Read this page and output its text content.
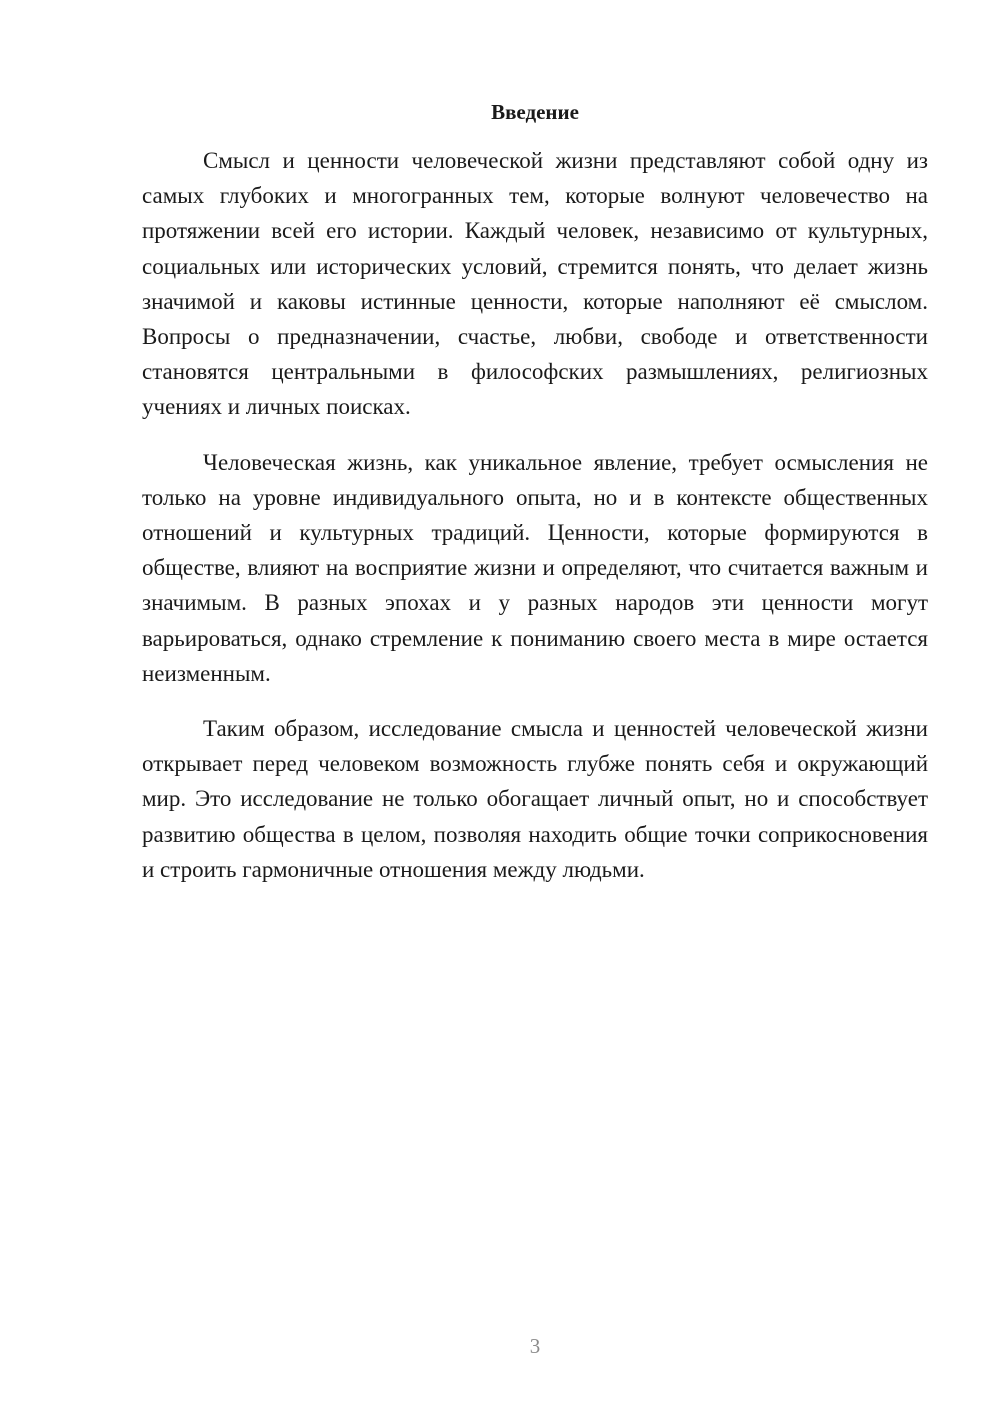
Введение

Смысл и ценности человеческой жизни представляют собой одну из самых глубоких и многогранных тем, которые волнуют человечество на протяжении всей его истории. Каждый человек, независимо от культурных, социальных или исторических условий, стремится понять, что делает жизнь значимой и каковы истинные ценности, которые наполняют её смыслом. Вопросы о предназначении, счастье, любви, свободе и ответственности становятся центральными в философских размышлениях, религиозных учениях и личных поисках.

Человеческая жизнь, как уникальное явление, требует осмысления не только на уровне индивидуального опыта, но и в контексте общественных отношений и культурных традиций. Ценности, которые формируются в обществе, влияют на восприятие жизни и определяют, что считается важным и значимым. В разных эпохах и у разных народов эти ценности могут варьироваться, однако стремление к пониманию своего места в мире остается неизменным.

Таким образом, исследование смысла и ценностей человеческой жизни открывает перед человеком возможность глубже понять себя и окружающий мир. Это исследование не только обогащает личный опыт, но и способствует развитию общества в целом, позволяя находить общие точки соприкосновения и строить гармоничные отношения между людьми.

3
